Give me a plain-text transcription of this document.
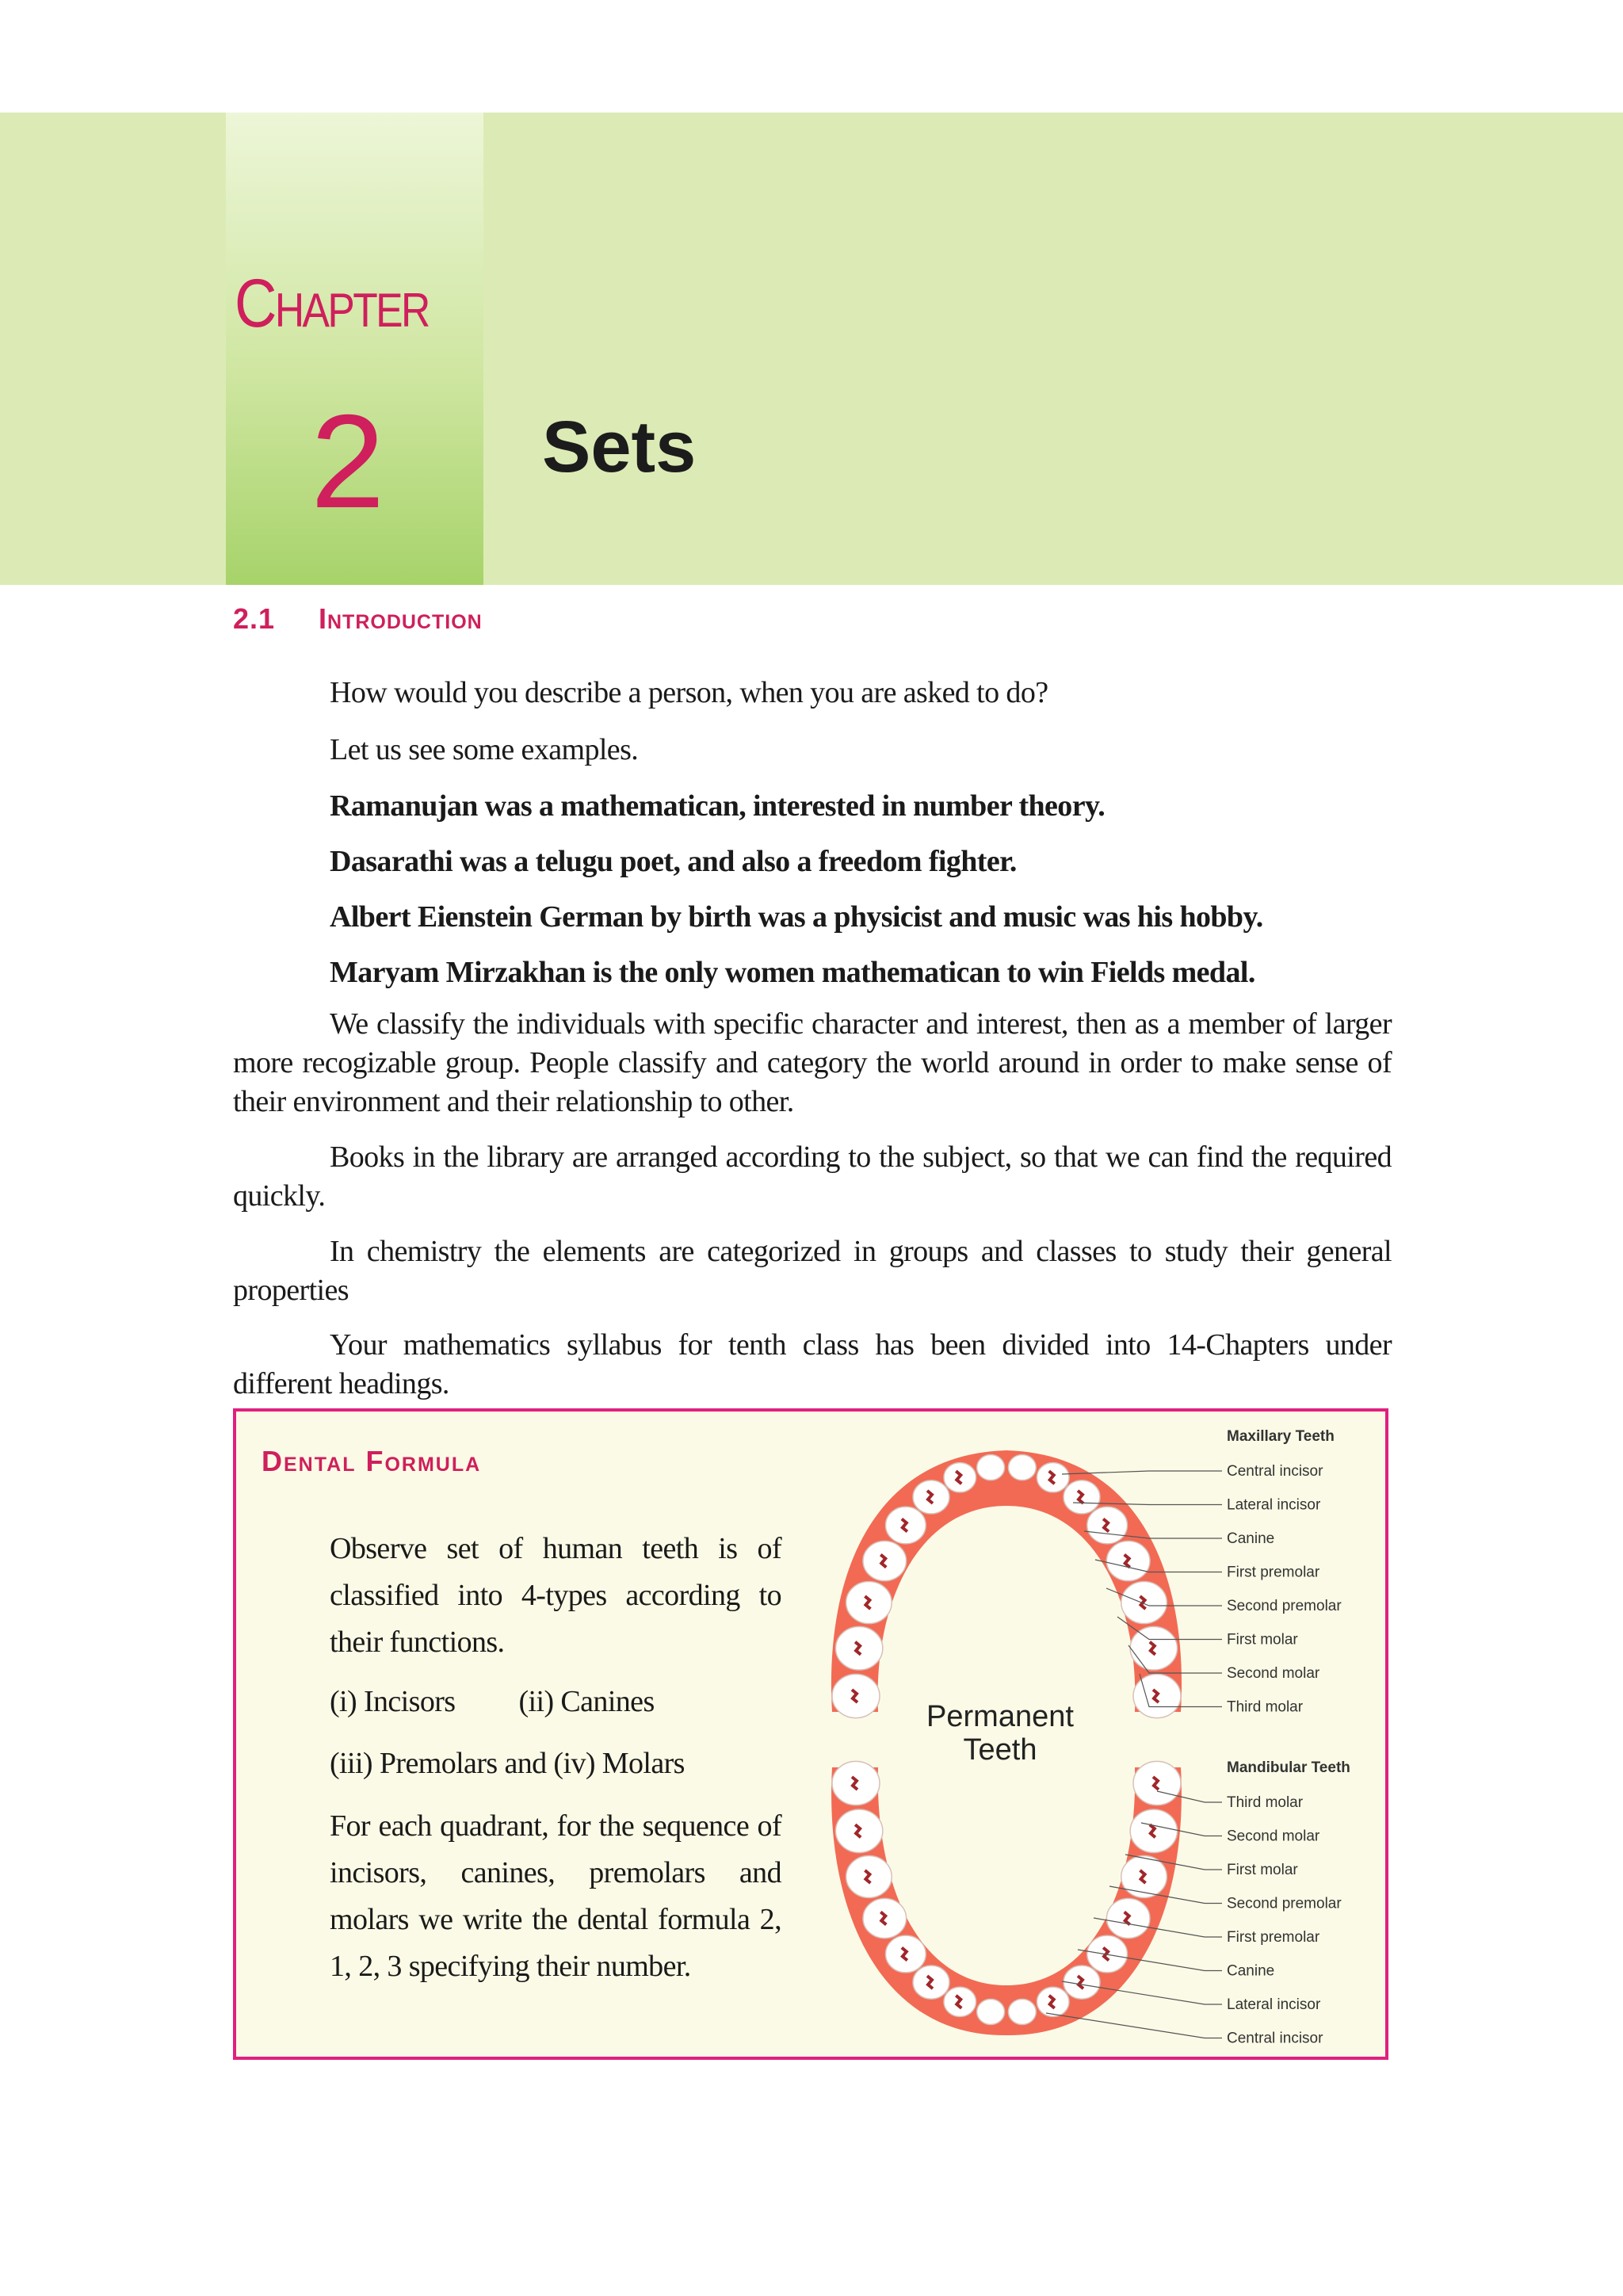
Chapter
2 Sets
2.1 Introduction
How would you describe a person, when you are asked to do?
Let us see some examples.
Ramanujan was a mathematican, interested in number theory.
Dasarathi was a telugu poet, and also a freedom fighter.
Albert Eienstein German by birth was a physicist and music was his hobby.
Maryam Mirzakhan is the only women mathematican to win Fields medal.
We classify the individuals with specific character and interest, then as a member of larger more recogizable group. People classify and category the world around in order to make sense of their environment and their relationship to other.
Books in the library are arranged according to the subject, so that we can find the required quickly.
In chemistry the elements are categorized in groups and classes to study their general properties
Your mathematics syllabus for tenth class has been divided into 14-Chapters under different headings.
Dental Formula
Observe set of human teeth is of classified into 4-types according to their functions.
(i) Incisors (ii) Canines
(iii) Premolars and (iv) Molars
For each quadrant, for the sequence of incisors, canines, premolars and molars we write the dental formula 2, 1, 2, 3 specifying their number.
Permanent
Teeth
Maxillary Teeth
Mandibular Teeth
Central incisor
Lateral incisor
Canine
First premolar
Second premolar
First molar
Second molar
Third molar
Third molar
Second molar
First molar
Second premolar
First premolar
Canine
Lateral incisor
Central incisor
